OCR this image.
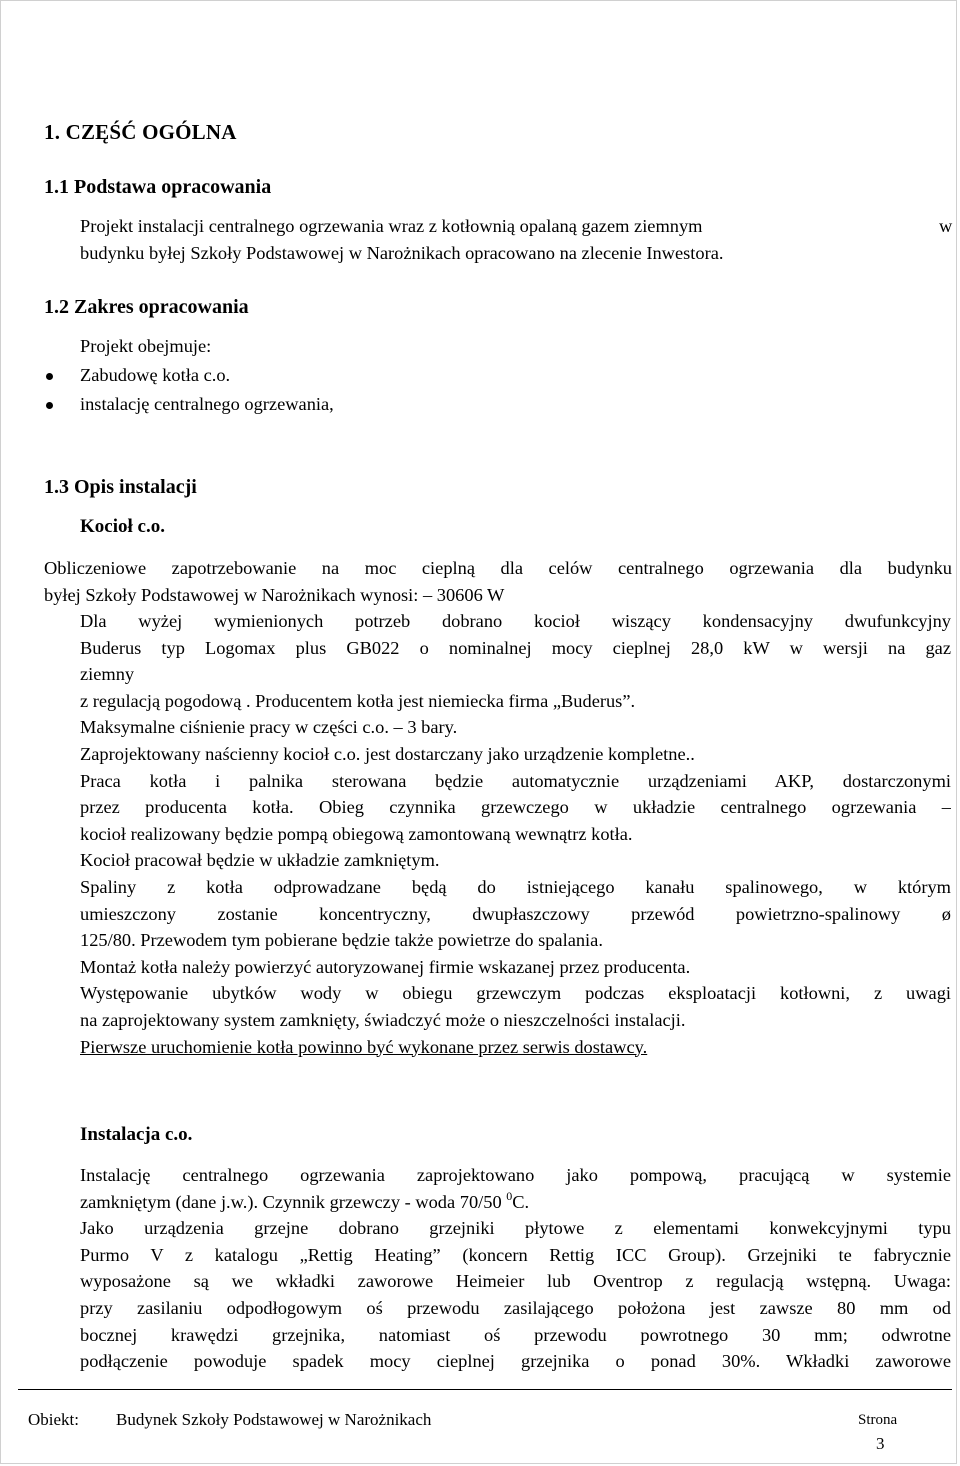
1. CZĘŚĆ OGÓLNA
1.1 Podstawa opracowania
Projekt instalacji centralnego ogrzewania wraz z kotłownią opalaną gazem ziemnym	w
budynku byłej Szkoły Podstawowej w Narożnikach opracowano na zlecenie Inwestora.
1.2 Zakres opracowania
Projekt obejmuje:
Zabudowę kotła c.o.
instalację centralnego ogrzewania,
1.3 Opis instalacji
Kocioł c.o.
Obliczeniowe zapotrzebowanie na moc cieplną dla celów centralnego ogrzewania dla budynku
byłej Szkoły Podstawowej w Narożnikach wynosi: – 30606 W
Dla wyżej wymienionych potrzeb dobrano kocioł wiszący kondensacyjny dwufunkcyjny
Buderus typ Logomax plus GB022 o nominalnej mocy cieplnej 28,0 kW w wersji na gaz
ziemny
z regulacją pogodową . Producentem kotła jest niemiecka firma „Buderus”.
Maksymalne ciśnienie pracy w części c.o. – 3 bary.
Zaprojektowany naścienny kocioł c.o. jest dostarczany jako urządzenie kompletne..
Praca kotła i palnika sterowana będzie automatycznie urządzeniami AKP, dostarczonymi
przez producenta kotła. Obieg czynnika grzewczego w układzie centralnego ogrzewania –
kocioł realizowany będzie pompą obiegową zamontowaną wewnątrz kotła.
Kocioł pracował będzie w układzie zamkniętym.
Spaliny z kotła odprowadzane będą do istniejącego kanału spalinowego, w którym
umieszczony zostanie koncentryczny, dwupłaszczowy przewód powietrzno-spalinowy ø
125/80. Przewodem tym pobierane będzie także powietrze do spalania.
Montaż kotła należy powierzyć autoryzowanej firmie wskazanej przez producenta.
Występowanie ubytków wody w obiegu grzewczym podczas eksploatacji kotłowni, z uwagi
na zaprojektowany system zamknięty, świadczyć może o nieszczelności instalacji.
Pierwsze uruchomienie kotła powinno być wykonane przez serwis dostawcy.
Instalacja c.o.
Instalację centralnego ogrzewania zaprojektowano jako pompową, pracującą w systemie
zamkniętym (dane j.w.). Czynnik grzewczy - woda 70/50 $^0$C.
Jako urządzenia grzejne dobrano grzejniki płytowe z elementami konwekcyjnymi typu
Purmo V z katalogu „Rettig Heating” (koncern Rettig ICC Group). Grzejniki te fabrycznie
wyposażone są we wkładki zaworowe Heimeier lub Oventrop z regulacją wstępną. Uwaga:
przy zasilaniu odpodłogowym oś przewodu zasilającego położona jest zawsze 80 mm od
bocznej krawędzi grzejnika, natomiast oś przewodu powrotnego 30 mm; odwrotne
podłączenie powoduje spadek mocy cieplnej grzejnika o ponad 30%. Wkładki zaworowe
Obiekt: Budynek Szkoły Podstawowej w Narożnikach	Strona
3
